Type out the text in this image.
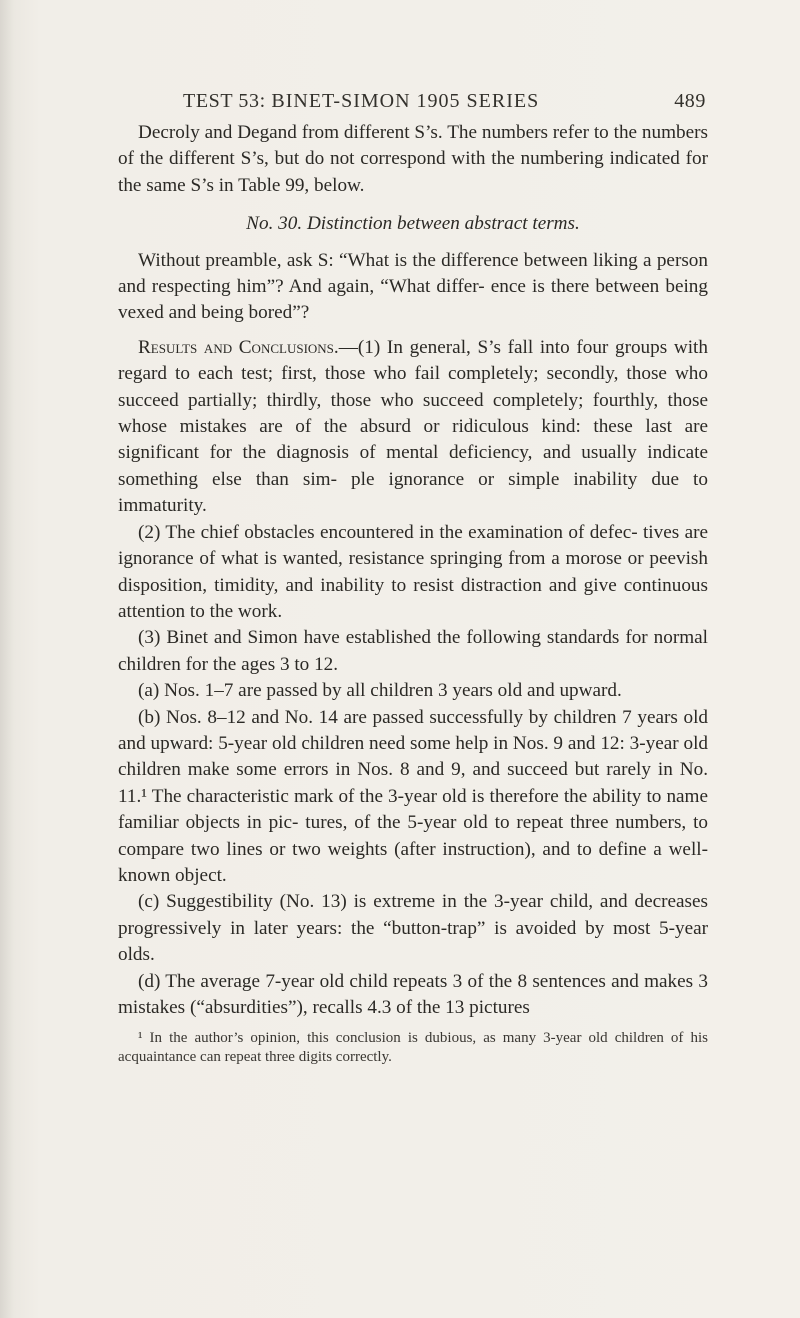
TEST 53: BINET-SIMON 1905 SERIES	489

Decroly and Degand from different S’s. The numbers refer to the numbers of the different S’s, but do not correspond with the numbering indicated for the same S’s in Table 99, below.

No. 30. Distinction between abstract terms.

Without preamble, ask S: “What is the difference between liking a person and respecting him”? And again, “What differ- ence is there between being vexed and being bored”?

Results and Conclusions.—(1) In general, S’s fall into four groups with regard to each test; first, those who fail completely; secondly, those who succeed partially; thirdly, those who succeed completely; fourthly, those whose mistakes are of the absurd or ridiculous kind: these last are significant for the diagnosis of mental deficiency, and usually indicate something else than sim- ple ignorance or simple inability due to immaturity.

(2) The chief obstacles encountered in the examination of defec- tives are ignorance of what is wanted, resistance springing from a morose or peevish disposition, timidity, and inability to resist distraction and give continuous attention to the work.

(3) Binet and Simon have established the following standards for normal children for the ages 3 to 12.

(a) Nos. 1–7 are passed by all children 3 years old and upward.

(b) Nos. 8–12 and No. 14 are passed successfully by children 7 years old and upward: 5-year old children need some help in Nos. 9 and 12: 3-year old children make some errors in Nos. 8 and 9, and succeed but rarely in No. 11.¹ The characteristic mark of the 3-year old is therefore the ability to name familiar objects in pic- tures, of the 5-year old to repeat three numbers, to compare two lines or two weights (after instruction), and to define a well-known object.

(c) Suggestibility (No. 13) is extreme in the 3-year child, and decreases progressively in later years: the “button-trap” is avoided by most 5-year olds.

(d) The average 7-year old child repeats 3 of the 8 sentences and makes 3 mistakes (“absurdities”), recalls 4.3 of the 13 pictures

¹ In the author’s opinion, this conclusion is dubious, as many 3-year old children of his acquaintance can repeat three digits correctly.
